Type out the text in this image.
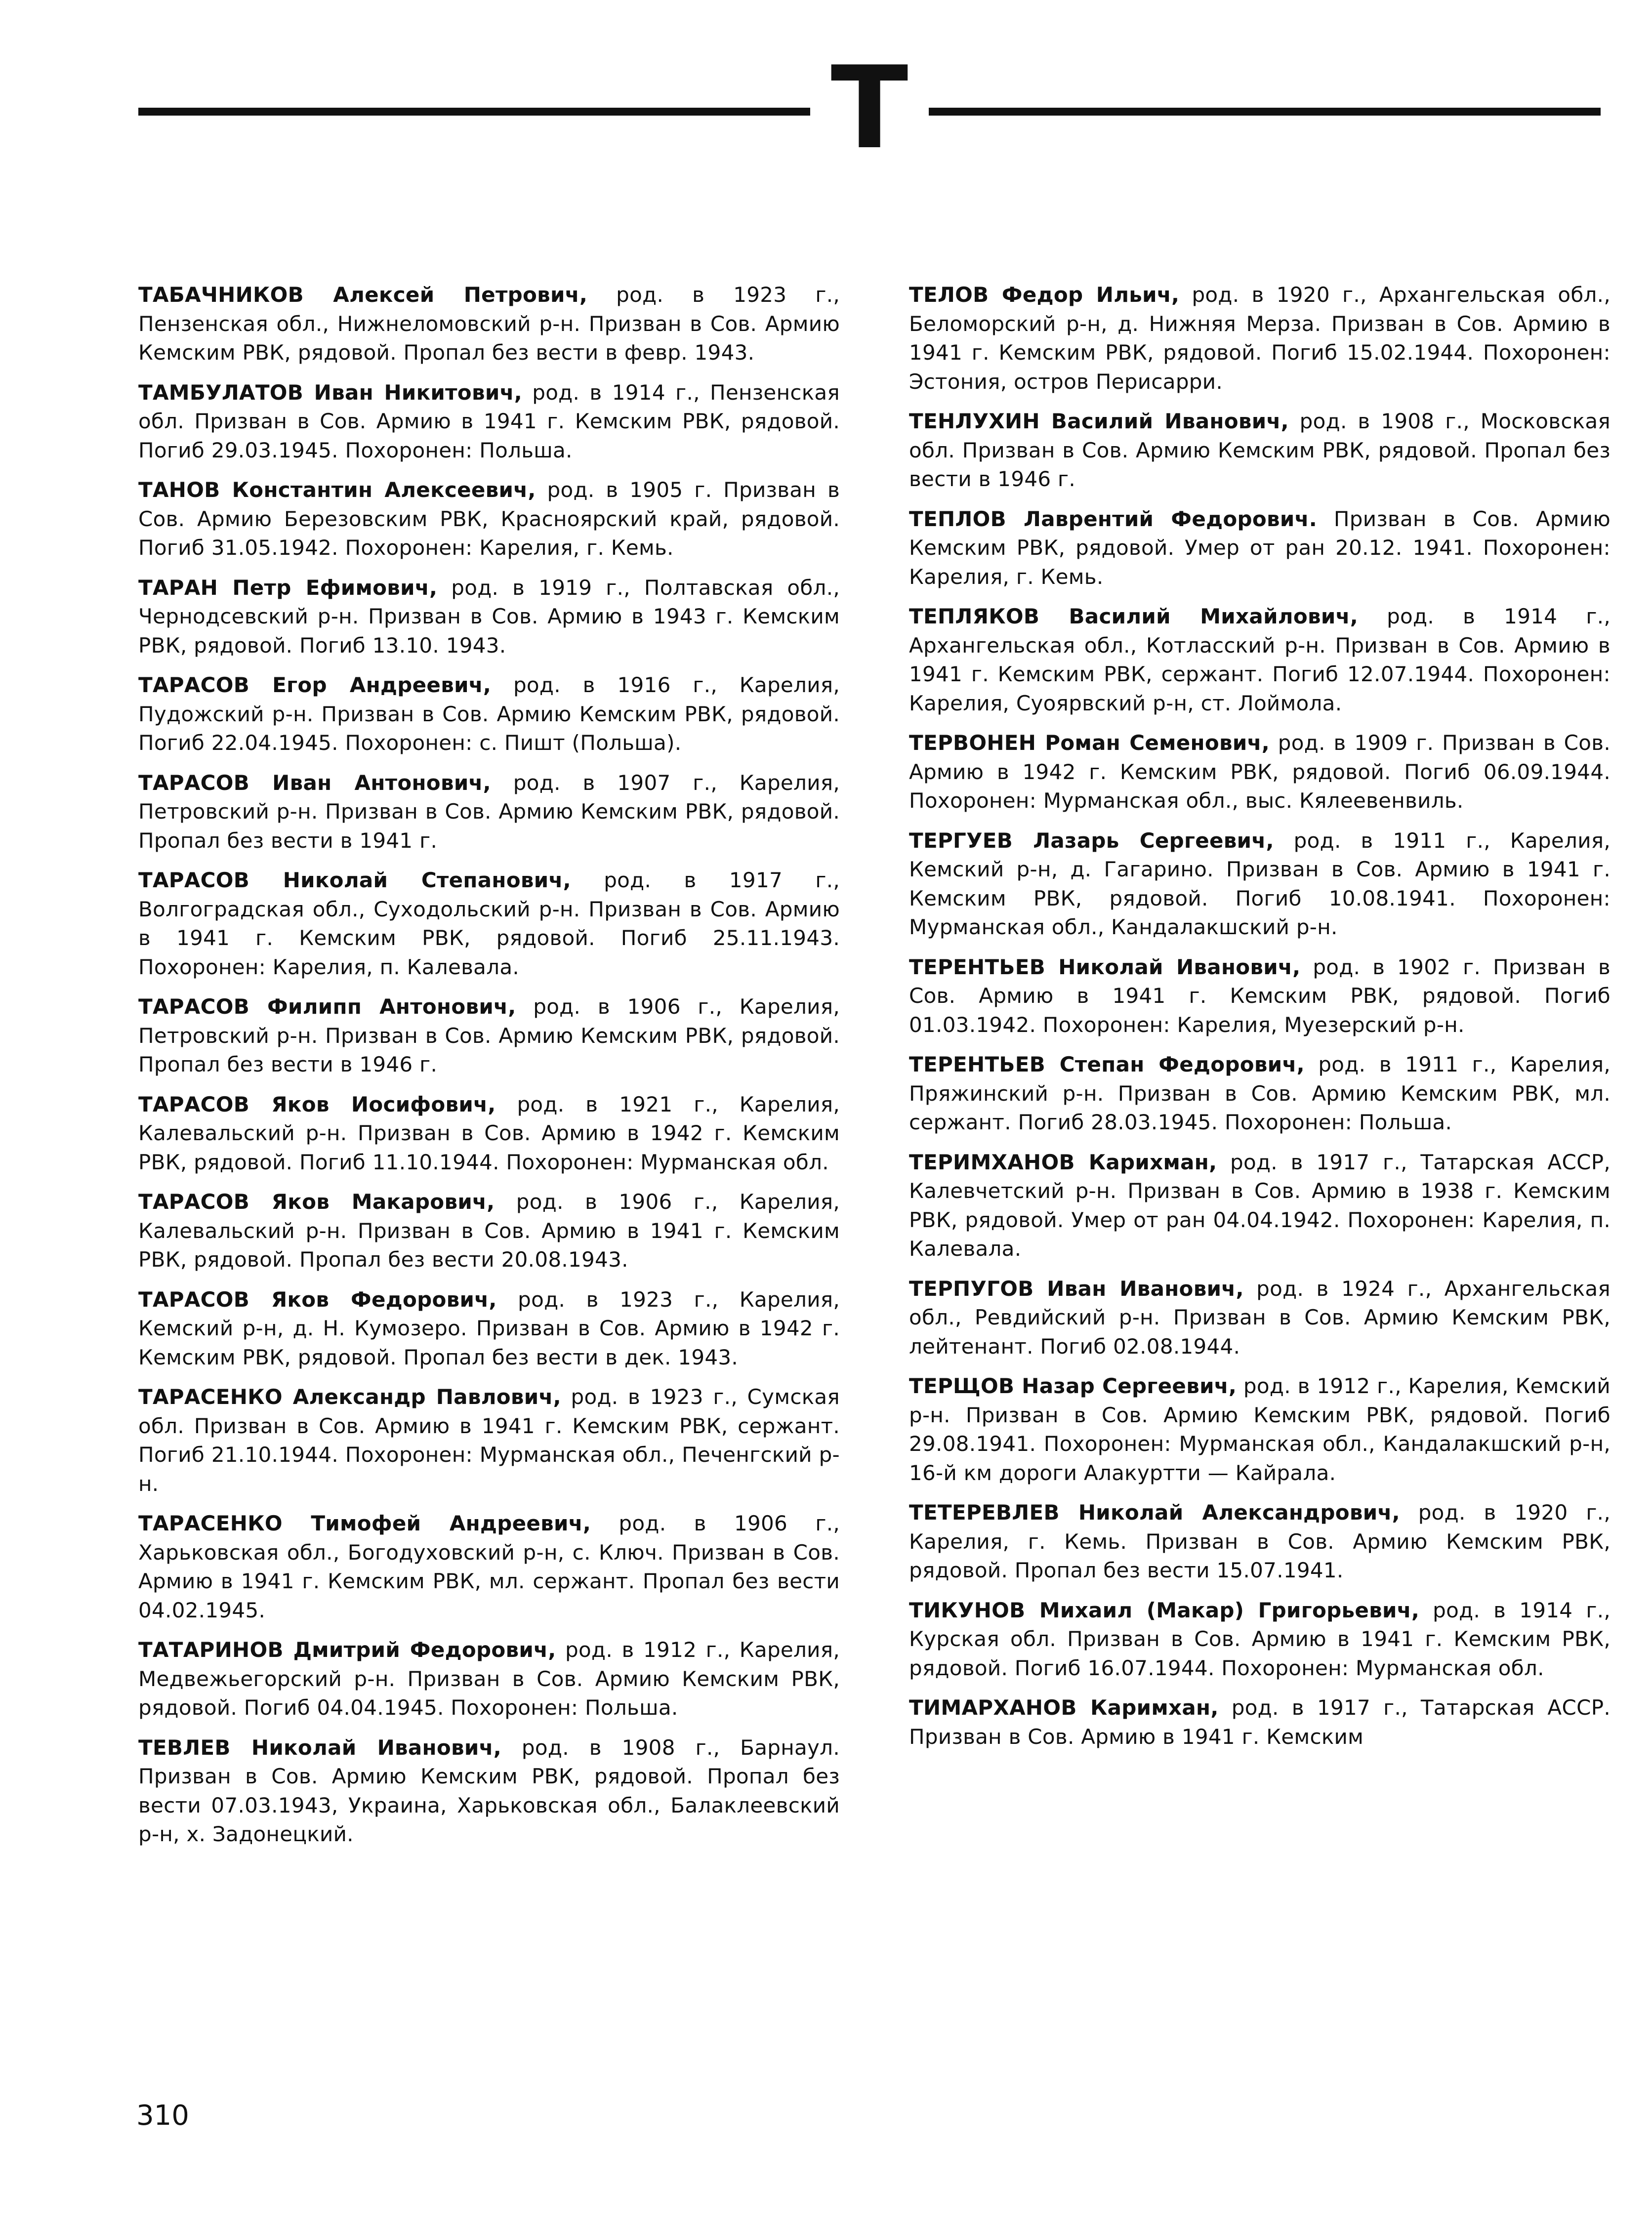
Т

ТАБАЧНИКОВ Алексей Петрович, род. в 1923 г., Пензенская обл., Нижнеломовский р-н. Призван в Сов. Армию Кемским РВК, рядовой. Пропал без вести в февр. 1943.

ТАМБУЛАТОВ Иван Никитович, род. в 1914 г., Пензенская обл. Призван в Сов. Армию в 1941 г. Кемским РВК, рядовой. Погиб 29.03.1945. Похоронен: Польша.

ТАНОВ Константин Алексеевич, род. в 1905 г. Призван в Сов. Армию Березовским РВК, Красноярский край, рядовой. Погиб 31.05.1942. Похоронен: Карелия, г. Кемь.

ТАРАН Петр Ефимович, род. в 1919 г., Полтавская обл., Чернодсевский р-н. Призван в Сов. Армию в 1943 г. Кемским РВК, рядовой. Погиб 13.10. 1943.

ТАРАСОВ Егор Андреевич, род. в 1916 г., Карелия, Пудожский р-н. Призван в Сов. Армию Кемским РВК, рядовой. Погиб 22.04.1945. Похоронен: с. Пишт (Польша).

ТАРАСОВ Иван Антонович, род. в 1907 г., Карелия, Петровский р-н. Призван в Сов. Армию Кемским РВК, рядовой. Пропал без вести в 1941 г.

ТАРАСОВ Николай Степанович, род. в 1917 г., Волгоградская обл., Суходольский р-н. Призван в Сов. Армию в 1941 г. Кемским РВК, рядовой. Погиб 25.11.1943. Похоронен: Карелия, п. Калевала.

ТАРАСОВ Филипп Антонович, род. в 1906 г., Карелия, Петровский р-н. Призван в Сов. Армию Кемским РВК, рядовой. Пропал без вести в 1946 г.

ТАРАСОВ Яков Иосифович, род. в 1921 г., Карелия, Калевальский р-н. Призван в Сов. Армию в 1942 г. Кемским РВК, рядовой. Погиб 11.10.1944. Похоронен: Мурманская обл.

ТАРАСОВ Яков Макарович, род. в 1906 г., Карелия, Калевальский р-н. Призван в Сов. Армию в 1941 г. Кемским РВК, рядовой. Пропал без вести 20.08.1943.

ТАРАСОВ Яков Федорович, род. в 1923 г., Карелия, Кемский р-н, д. Н. Кумозеро. Призван в Сов. Армию в 1942 г. Кемским РВК, рядовой. Пропал без вести в дек. 1943.

ТАРАСЕНКО Александр Павлович, род. в 1923 г., Сумская обл. Призван в Сов. Армию в 1941 г. Кемским РВК, сержант. Погиб 21.10.1944. Похоронен: Мурманская обл., Печенгский р-н.

ТАРАСЕНКО Тимофей Андреевич, род. в 1906 г., Харьковская обл., Богодуховский р-н, с. Ключ. Призван в Сов. Армию в 1941 г. Кемским РВК, мл. сержант. Пропал без вести 04.02.1945.

ТАТАРИНОВ Дмитрий Федорович, род. в 1912 г., Карелия, Медвежьегорский р-н. Призван в Сов. Армию Кемским РВК, рядовой. Погиб 04.04.1945. Похоронен: Польша.

ТЕВЛЕВ Николай Иванович, род. в 1908 г., Барнаул. Призван в Сов. Армию Кемским РВК, рядовой. Пропал без вести 07.03.1943, Украина, Харьковская обл., Балаклеевский р-н, х. Задонецкий.

ТЕЛОВ Федор Ильич, род. в 1920 г., Архангельская обл., Беломорский р-н, д. Нижняя Мерза. Призван в Сов. Армию в 1941 г. Кемским РВК, рядовой. Погиб 15.02.1944. Похоронен: Эстония, остров Перисарри.

ТЕНЛУХИН Василий Иванович, род. в 1908 г., Московская обл. Призван в Сов. Армию Кемским РВК, рядовой. Пропал без вести в 1946 г.

ТЕПЛОВ Лаврентий Федорович. Призван в Сов. Армию Кемским РВК, рядовой. Умер от ран 20.12. 1941. Похоронен: Карелия, г. Кемь.

ТЕПЛЯКОВ Василий Михайлович, род. в 1914 г., Архангельская обл., Котласский р-н. Призван в Сов. Армию в 1941 г. Кемским РВК, сержант. Погиб 12.07.1944. Похоронен: Карелия, Суоярвский р-н, ст. Лоймола.

ТЕРВОНЕН Роман Семенович, род. в 1909 г. Призван в Сов. Армию в 1942 г. Кемским РВК, рядовой. Погиб 06.09.1944. Похоронен: Мурманская обл., выс. Кялеевенвиль.

ТЕРГУЕВ Лазарь Сергеевич, род. в 1911 г., Карелия, Кемский р-н, д. Гагарино. Призван в Сов. Армию в 1941 г. Кемским РВК, рядовой. Погиб 10.08.1941. Похоронен: Мурманская обл., Кандалакшский р-н.

ТЕРЕНТЬЕВ Николай Иванович, род. в 1902 г. Призван в Сов. Армию в 1941 г. Кемским РВК, рядовой. Погиб 01.03.1942. Похоронен: Карелия, Муезерский р-н.

ТЕРЕНТЬЕВ Степан Федорович, род. в 1911 г., Карелия, Пряжинский р-н. Призван в Сов. Армию Кемским РВК, мл. сержант. Погиб 28.03.1945. Похоронен: Польша.

ТЕРИМХАНОВ Карихман, род. в 1917 г., Татарская АССР, Калевчетский р-н. Призван в Сов. Армию в 1938 г. Кемским РВК, рядовой. Умер от ран 04.04.1942. Похоронен: Карелия, п. Калевала.

ТЕРПУГОВ Иван Иванович, род. в 1924 г., Архангельская обл., Ревдийский р-н. Призван в Сов. Армию Кемским РВК, лейтенант. Погиб 02.08.1944.

ТЕРЩОВ Назар Сергеевич, род. в 1912 г., Карелия, Кемский р-н. Призван в Сов. Армию Кемским РВК, рядовой. Погиб 29.08.1941. Похоронен: Мурманская обл., Кандалакшский р-н, 16-й км дороги Алакуртти — Кайрала.

ТЕТЕРЕВЛЕВ Николай Александрович, род. в 1920 г., Карелия, г. Кемь. Призван в Сов. Армию Кемским РВК, рядовой. Пропал без вести 15.07.1941.

ТИКУНОВ Михаил (Макар) Григорьевич, род. в 1914 г., Курская обл. Призван в Сов. Армию в 1941 г. Кемским РВК, рядовой. Погиб 16.07.1944. Похоронен: Мурманская обл.

ТИМАРХАНОВ Каримхан, род. в 1917 г., Татарская АССР. Призван в Сов. Армию в 1941 г. Кемским

310
